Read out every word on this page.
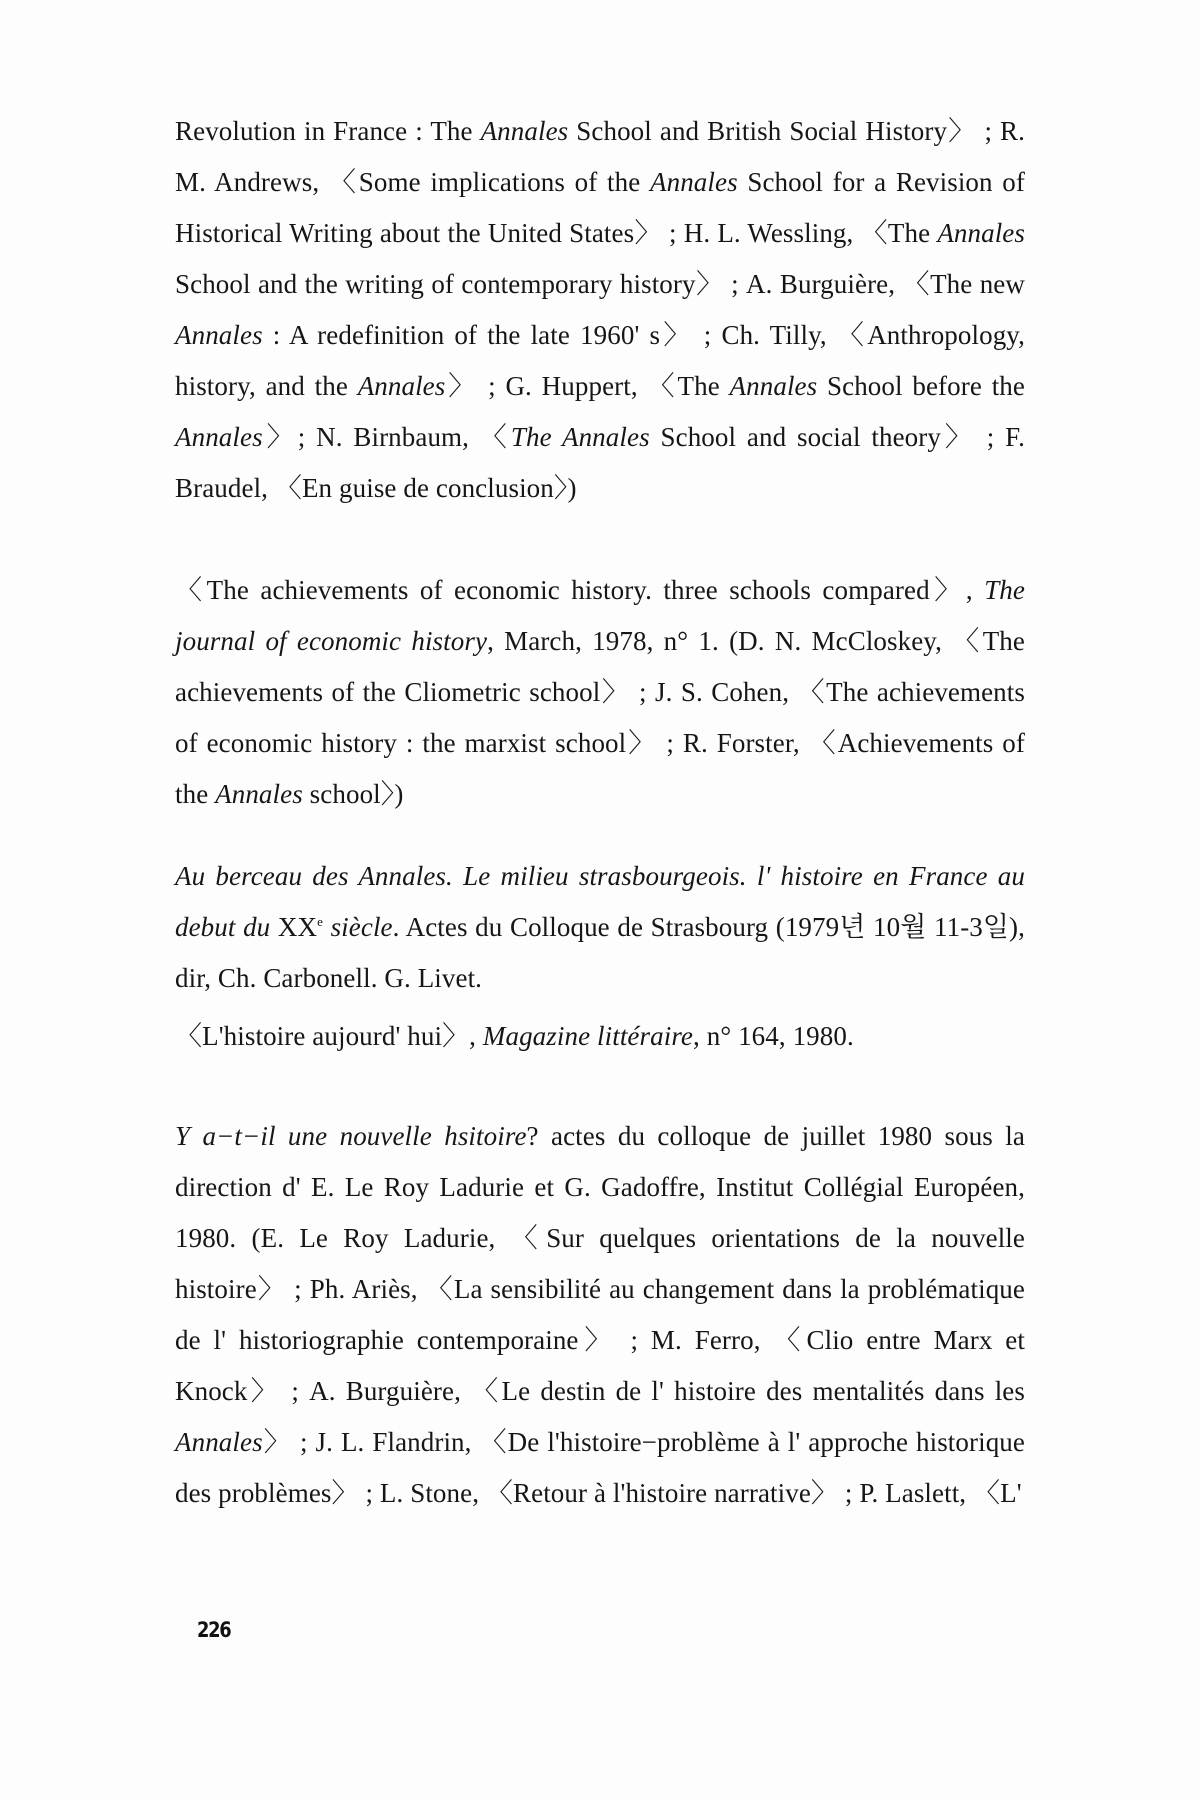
Revolution in France : The Annales School and British Social History〉 ; R. M. Andrews, 〈Some implications of the Annales School for a Revision of Historical Writing about the United States〉 ; H. L. Wessling, 〈The Annales School and the writing of contemporary history〉 ; A. Burguière, 〈The new Annales : A redefinition of the late 1960' s〉 ; Ch. Tilly, 〈Anthropology, history, and the Annales〉 ; G. Huppert, 〈The Annales School before the Annales〉; N. Birnbaum, 〈The Annales School and social theory〉 ; F. Braudel, 〈En guise de conclusion〉)

〈The achievements of economic history. three schools compared〉, The journal of economic history, March, 1978, n° 1. (D. N. McCloskey, 〈The achievements of the Cliometric school〉 ; J. S. Cohen, 〈The achievements of economic history : the marxist school〉 ; R. Forster, 〈Achievements of the Annales school〉)

Au berceau des Annales. Le milieu strasbourgeois. l' histoire en France au debut du XXe siècle. Actes du Colloque de Strasbourg (1979년 10월 11-3일), dir, Ch. Carbonell. G. Livet.

〈L'histoire aujourd' hui〉, Magazine littéraire, n° 164, 1980.

Y a−t−il une nouvelle hsitoire? actes du colloque de juillet 1980 sous la direction d' E. Le Roy Ladurie et G. Gadoffre, Institut Collégial Européen, 1980. (E. Le Roy Ladurie, 〈Sur quelques orientations de la nouvelle histoire〉 ; Ph. Ariès, 〈La sensibilité au changement dans la problématique de l' historiographie contemporaine〉 ; M. Ferro, 〈Clio entre Marx et Knock〉 ; A. Burguière, 〈Le destin de l' histoire des mentalités dans les Annales〉 ; J. L. Flandrin, 〈De l'histoire−problème à l' approche historique des problèmes〉 ; L. Stone, 〈Retour à l'histoire narrative〉 ; P. Laslett, 〈L'

226
